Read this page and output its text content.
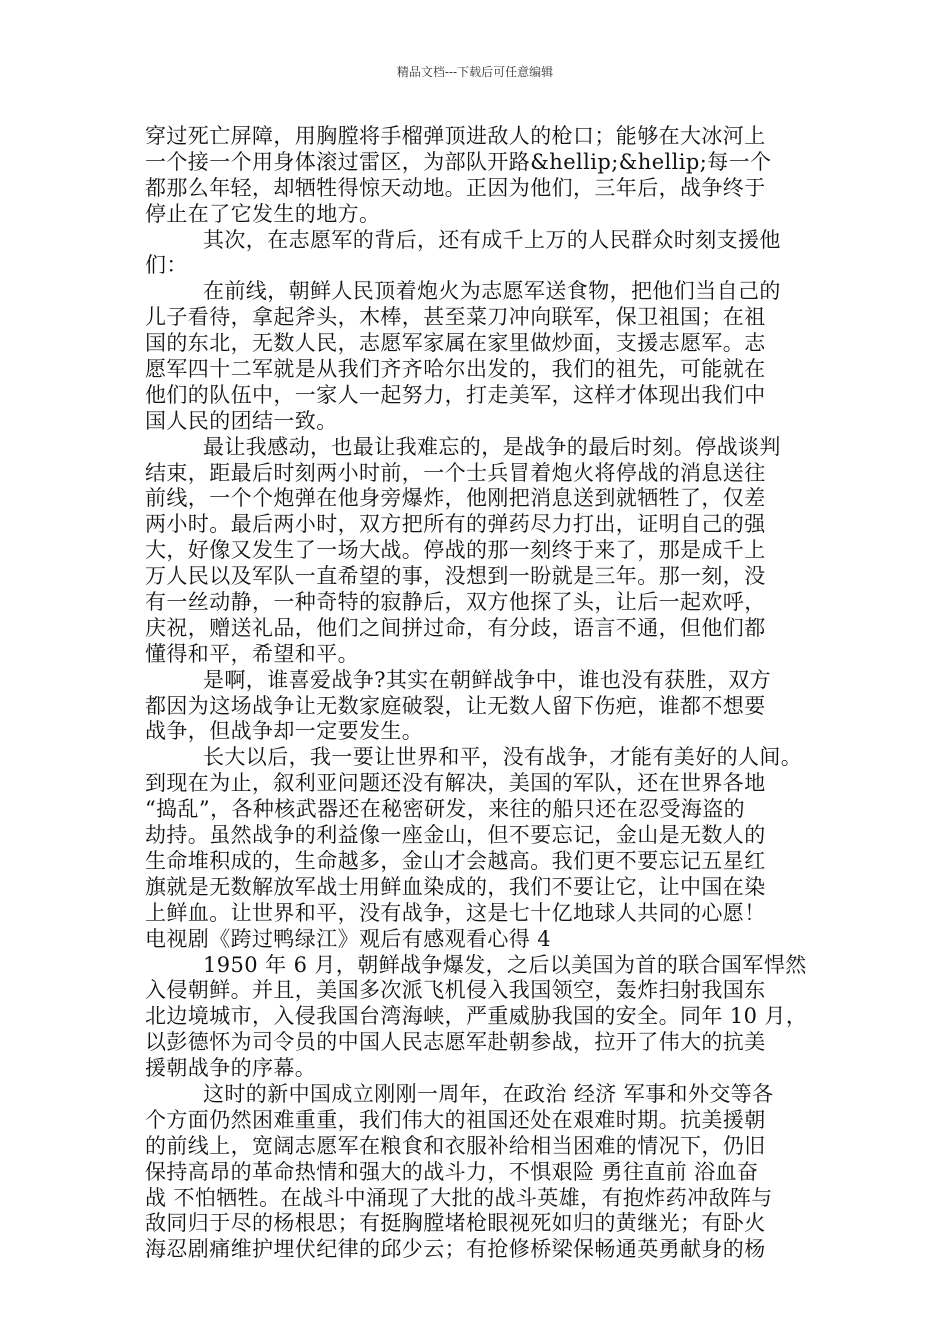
精品文档---下载后可任意编辑
穿过死亡屏障，用胸膛将手榴弹顶进敌人的枪口；能够在大冰河上
一个接一个用身体滚过雷区，为部队开路&hellip;&hellip;每一个
都那么年轻，却牺牲得惊天动地。正因为他们，三年后，战争终于
停止在了它发生的地方。
其次，在志愿军的背后，还有成千上万的人民群众时刻支援他
们：
在前线，朝鲜人民顶着炮火为志愿军送食物，把他们当自己的
儿子看待，拿起斧头，木棒，甚至菜刀冲向联军，保卫祖国；在祖
国的东北，无数人民，志愿军家属在家里做炒面，支援志愿军。志
愿军四十二军就是从我们齐齐哈尔出发的，我们的祖先，可能就在
他们的队伍中，一家人一起努力，打走美军，这样才体现出我们中
国人民的团结一致。
最让我感动，也最让我难忘的，是战争的最后时刻。停战谈判
结束，距最后时刻两小时前，一个士兵冒着炮火将停战的消息送往
前线，一个个炮弹在他身旁爆炸，他刚把消息送到就牺牲了，仅差
两小时。最后两小时，双方把所有的弹药尽力打出，证明自己的强
大，好像又发生了一场大战。停战的那一刻终于来了，那是成千上
万人民以及军队一直希望的事，没想到一盼就是三年。那一刻，没
有一丝动静，一种奇特的寂静后，双方他探了头，让后一起欢呼，
庆祝，赠送礼品，他们之间拼过命，有分歧，语言不通，但他们都
懂得和平，希望和平。
是啊，谁喜爱战争?其实在朝鲜战争中，谁也没有获胜，双方
都因为这场战争让无数家庭破裂，让无数人留下伤疤，谁都不想要
战争，但战争却一定要发生。
长大以后，我一要让世界和平，没有战争，才能有美好的人间。
到现在为止，叙利亚问题还没有解决，美国的军队，还在世界各地
“捣乱”，各种核武器还在秘密研发，来往的船只还在忍受海盗的
劫持。虽然战争的利益像一座金山，但不要忘记，金山是无数人的
生命堆积成的，生命越多，金山才会越高。我们更不要忘记五星红
旗就是无数解放军战士用鲜血染成的，我们不要让它，让中国在染
上鲜血。让世界和平，没有战争，这是七十亿地球人共同的心愿！
电视剧《跨过鸭绿江》观后有感观看心得 4
1950 年 6 月，朝鲜战争爆发，之后以美国为首的联合国军悍然
入侵朝鲜。并且，美国多次派飞机侵入我国领空，轰炸扫射我国东
北边境城市，入侵我国台湾海峡，严重威胁我国的安全。同年 10 月，
以彭德怀为司令员的中国人民志愿军赴朝参战，拉开了伟大的抗美
援朝战争的序幕。
这时的新中国成立刚刚一周年，在政治 经济 军事和外交等各
个方面仍然困难重重，我们伟大的祖国还处在艰难时期。抗美援朝
的前线上，宽阔志愿军在粮食和衣服补给相当困难的情况下，仍旧
保持高昂的革命热情和强大的战斗力，不惧艰险 勇往直前 浴血奋
战 不怕牺牲。在战斗中涌现了大批的战斗英雄，有抱炸药冲敌阵与
敌同归于尽的杨根思；有挺胸膛堵枪眼视死如归的黄继光；有卧火
海忍剧痛维护埋伏纪律的邱少云；有抢修桥梁保畅通英勇献身的杨
